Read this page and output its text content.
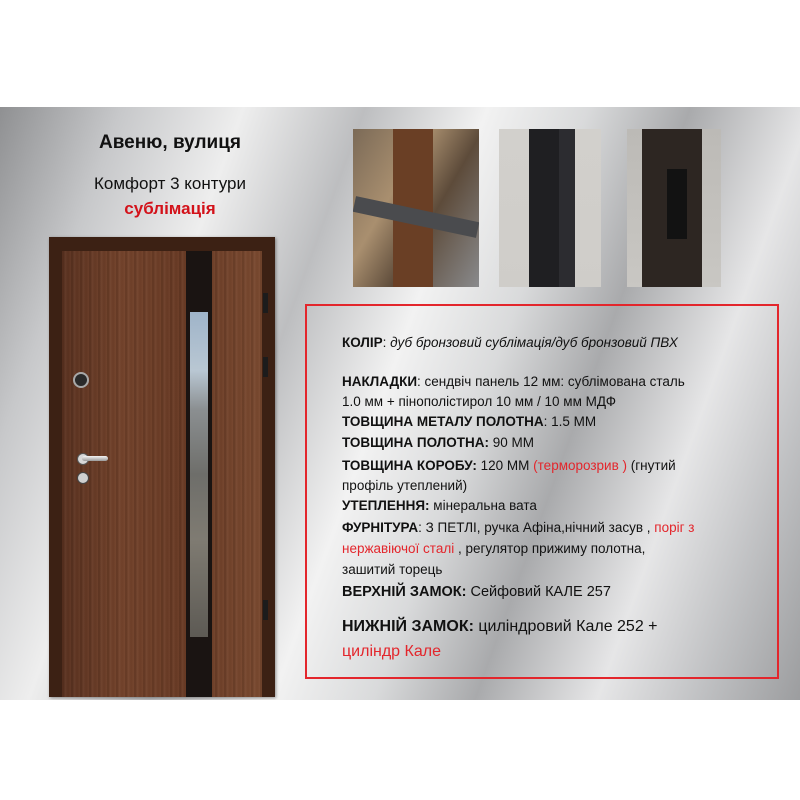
Авеню, вулиця
Комфорт 3 контури
сублімація
КОЛІР: дуб бронзовий сублімація/дуб бронзовий ПВХ
НАКЛАДКИ: сендвіч панель 12 мм: сублімована сталь
1.0 мм + пінополістирол 10 мм / 10 мм МДФ
ТОВЩИНА МЕТАЛУ ПОЛОТНА: 1.5 ММ
ТОВЩИНА ПОЛОТНА: 90 ММ
ТОВЩИНА КОРОБУ: 120 ММ (терморозрив ) (гнутий
профіль утеплений)
УТЕПЛЕННЯ: мінеральна вата
ФУРНІТУРА: З ПЕТЛІ, ручка Афіна,нічний засув , поріг з
нержавіючої сталі , регулятор прижиму полотна,
зашитий торець
ВЕРХНІЙ ЗАМОК: Сейфовий КАЛЕ 257
НИЖНІЙ ЗАМОК: циліндровий Кале 252 +
циліндр Кале
